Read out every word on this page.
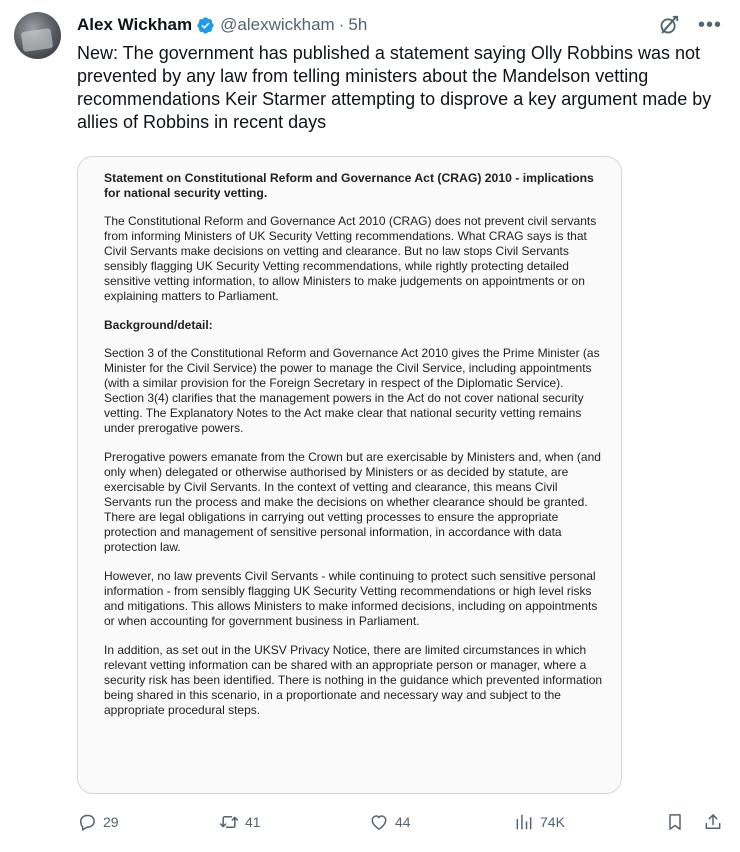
Alex Wickham @alexwickham · 5h	•••
New: The government has published a statement saying Olly Robbins was not prevented by any law from telling ministers about the Mandelson vetting recommendations Keir Starmer attempting to disprove a key argument made by allies of Robbins in recent days
Statement on Constitutional Reform and Governance Act (CRAG) 2010 - implications for national security vetting.
The Constitutional Reform and Governance Act 2010 (CRAG) does not prevent civil servants from informing Ministers of UK Security Vetting recommendations. What CRAG says is that Civil Servants make decisions on vetting and clearance. But no law stops Civil Servants sensibly flagging UK Security Vetting recommendations, while rightly protecting detailed sensitive vetting information, to allow Ministers to make judgements on appointments or on explaining matters to Parliament.
Background/detail:
Section 3 of the Constitutional Reform and Governance Act 2010 gives the Prime Minister (as Minister for the Civil Service) the power to manage the Civil Service, including appointments (with a similar provision for the Foreign Secretary in respect of the Diplomatic Service). Section 3(4) clarifies that the management powers in the Act do not cover national security vetting. The Explanatory Notes to the Act make clear that national security vetting remains under prerogative powers.
Prerogative powers emanate from the Crown but are exercisable by Ministers and, when (and only when) delegated or otherwise authorised by Ministers or as decided by statute, are exercisable by Civil Servants. In the context of vetting and clearance, this means Civil Servants run the process and make the decisions on whether clearance should be granted. There are legal obligations in carrying out vetting processes to ensure the appropriate protection and management of sensitive personal information, in accordance with data protection law.
However, no law prevents Civil Servants - while continuing to protect such sensitive personal information - from sensibly flagging UK Security Vetting recommendations or high level risks and mitigations. This allows Ministers to make informed decisions, including on appointments or when accounting for government business in Parliament.
In addition, as set out in the UKSV Privacy Notice, there are limited circumstances in which relevant vetting information can be shared with an appropriate person or manager, where a security risk has been identified. There is nothing in the guidance which prevented information being shared in this scenario, in a proportionate and necessary way and subject to the appropriate procedural steps.
29	41	44	74K
